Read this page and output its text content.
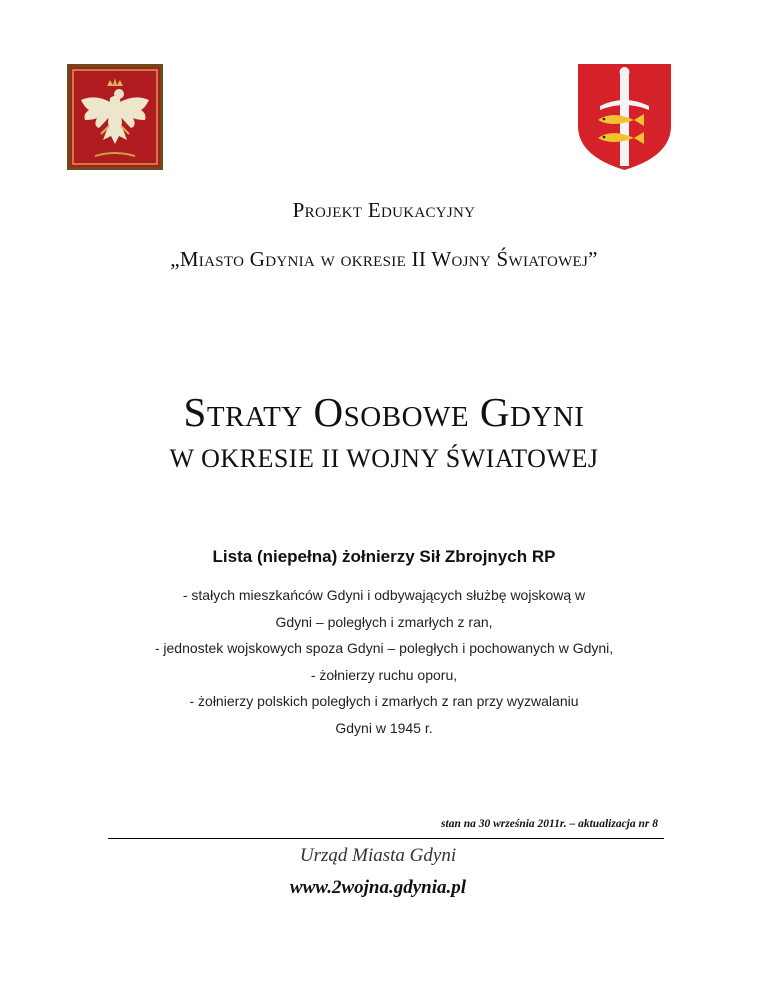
Projekt Edukacyjny
„Miasto Gdynia w okresie II Wojny Światowej”
Straty Osobowe Gdyni
W OKRESIE II WOJNY ŚWIATOWEJ
Lista (niepełna) żołnierzy Sił Zbrojnych RP
- stałych mieszkańców Gdyni i odbywających służbę wojskową w
Gdyni – poległych i zmarłych z ran,
- jednostek wojskowych spoza Gdyni – poległych i pochowanych w Gdyni,
- żołnierzy ruchu oporu,
- żołnierzy polskich poległych i zmarłych z ran przy wyzwalaniu
Gdyni w 1945 r.
stan na 30 września 2011r. – aktualizacja nr 8
Urząd Miasta Gdyni
www.2wojna.gdynia.pl
